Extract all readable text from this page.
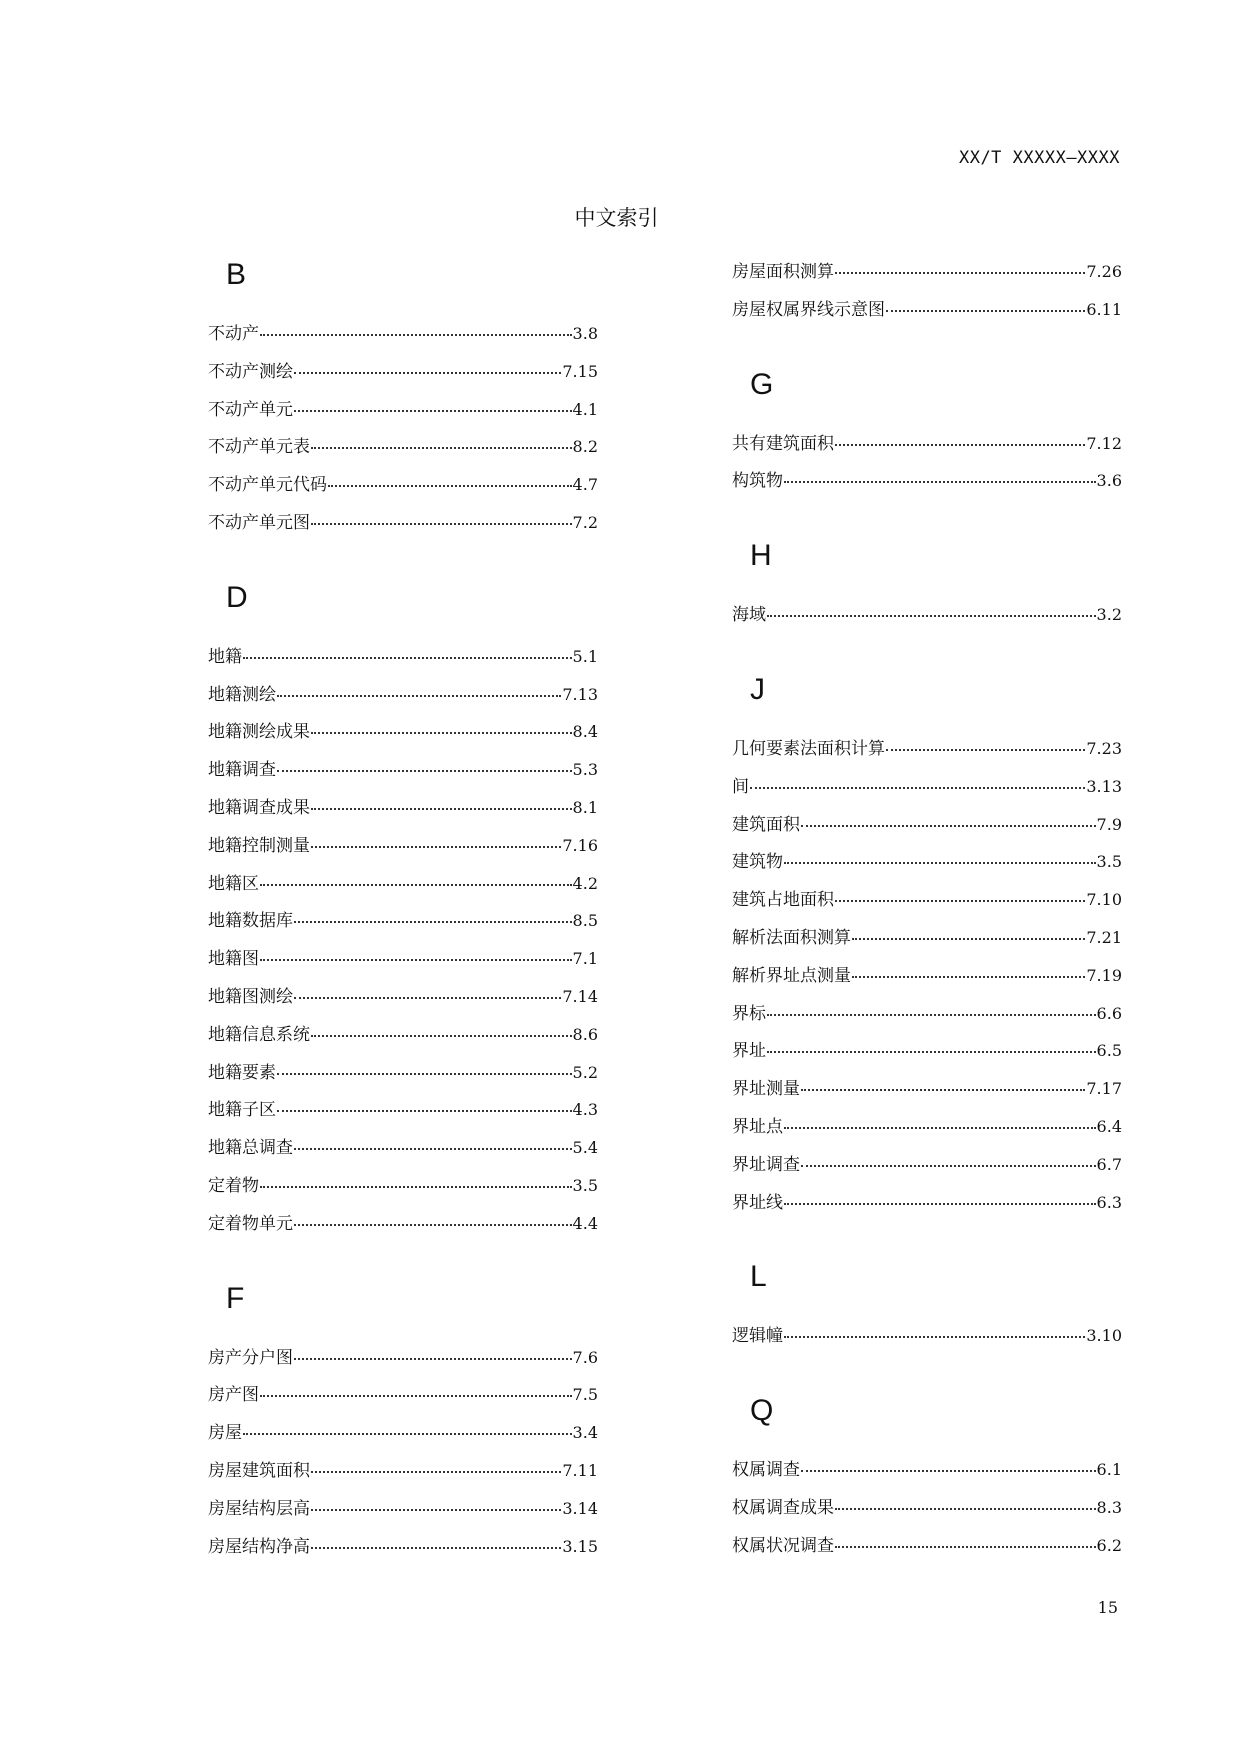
XX/T XXXXX—XXXX
中文索引
B
不动产	3.8
不动产测绘	7.15
不动产单元	4.1
不动产单元表	8.2
不动产单元代码	4.7
不动产单元图	7.2
D
地籍	5.1
地籍测绘	7.13
地籍测绘成果	8.4
地籍调查	5.3
地籍调查成果	8.1
地籍控制测量	7.16
地籍区	4.2
地籍数据库	8.5
地籍图	7.1
地籍图测绘	7.14
地籍信息系统	8.6
地籍要素	5.2
地籍子区	4.3
地籍总调查	5.4
定着物	3.5
定着物单元	4.4
F
房产分户图	7.6
房产图	7.5
房屋	3.4
房屋建筑面积	7.11
房屋结构层高	3.14
房屋结构净高	3.15
房屋面积测算	7.26
房屋权属界线示意图	6.11
G
共有建筑面积	7.12
构筑物	3.6
H
海域	3.2
J
几何要素法面积计算	7.23
间	3.13
建筑面积	7.9
建筑物	3.5
建筑占地面积	7.10
解析法面积测算	7.21
解析界址点测量	7.19
界标	6.6
界址	6.5
界址测量	7.17
界址点	6.4
界址调查	6.7
界址线	6.3
L
逻辑幢	3.10
Q
权属调查	6.1
权属调查成果	8.3
权属状况调查	6.2
15
